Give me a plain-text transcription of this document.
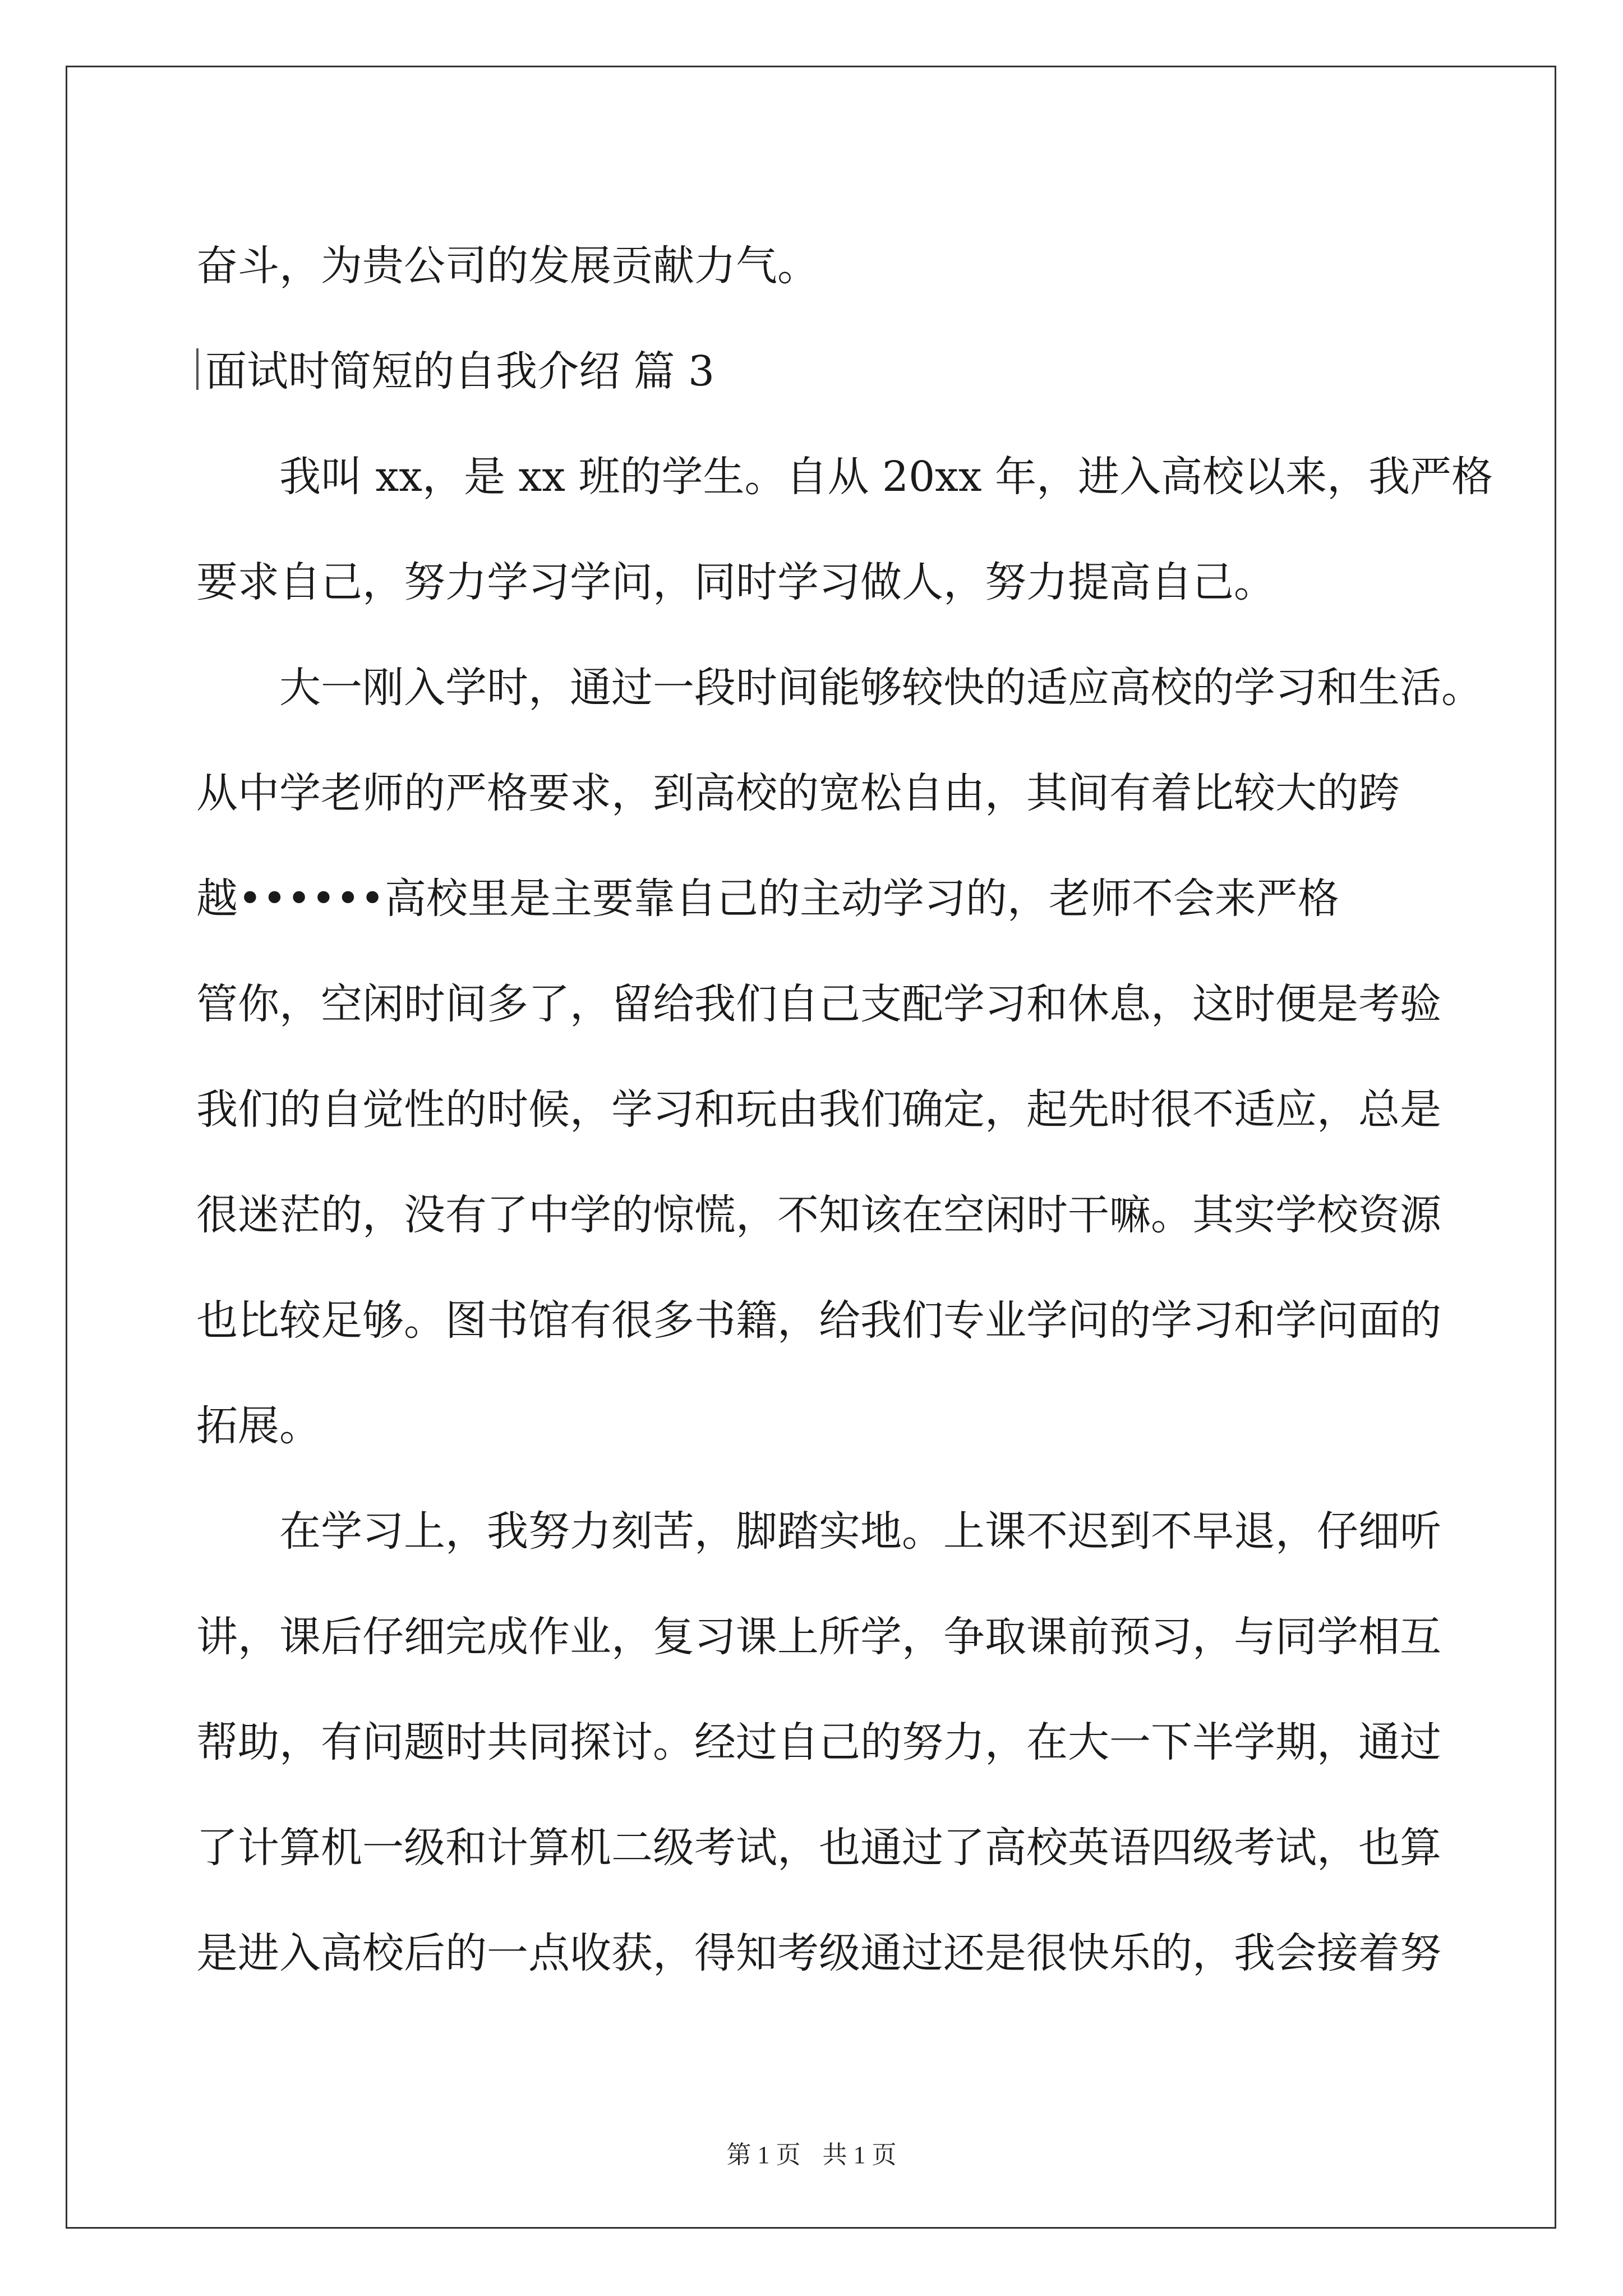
奋斗，为贵公司的发展贡献力气。
面试时简短的自我介绍 篇 3
我叫 xx，是 xx 班的学生。自从 20xx 年，进入高校以来，我严格
要求自己，努力学习学问，同时学习做人，努力提高自己。
大一刚入学时，通过一段时间能够较快的适应高校的学习和生活。
从中学老师的严格要求，到高校的宽松自由，其间有着比较大的跨
越••••••高校里是主要靠自己的主动学习的，老师不会来严格
管你，空闲时间多了，留给我们自己支配学习和休息，这时便是考验
我们的自觉性的时候，学习和玩由我们确定，起先时很不适应，总是
很迷茫的，没有了中学的惊慌，不知该在空闲时干嘛。其实学校资源
也比较足够。图书馆有很多书籍，给我们专业学问的学习和学问面的
拓展。
在学习上，我努力刻苦，脚踏实地。上课不迟到不早退，仔细听
讲，课后仔细完成作业，复习课上所学，争取课前预习，与同学相互
帮助，有问题时共同探讨。经过自己的努力，在大一下半学期，通过
了计算机一级和计算机二级考试，也通过了高校英语四级考试，也算
是进入高校后的一点收获，得知考级通过还是很快乐的，我会接着努
第 1 页 共 1 页
